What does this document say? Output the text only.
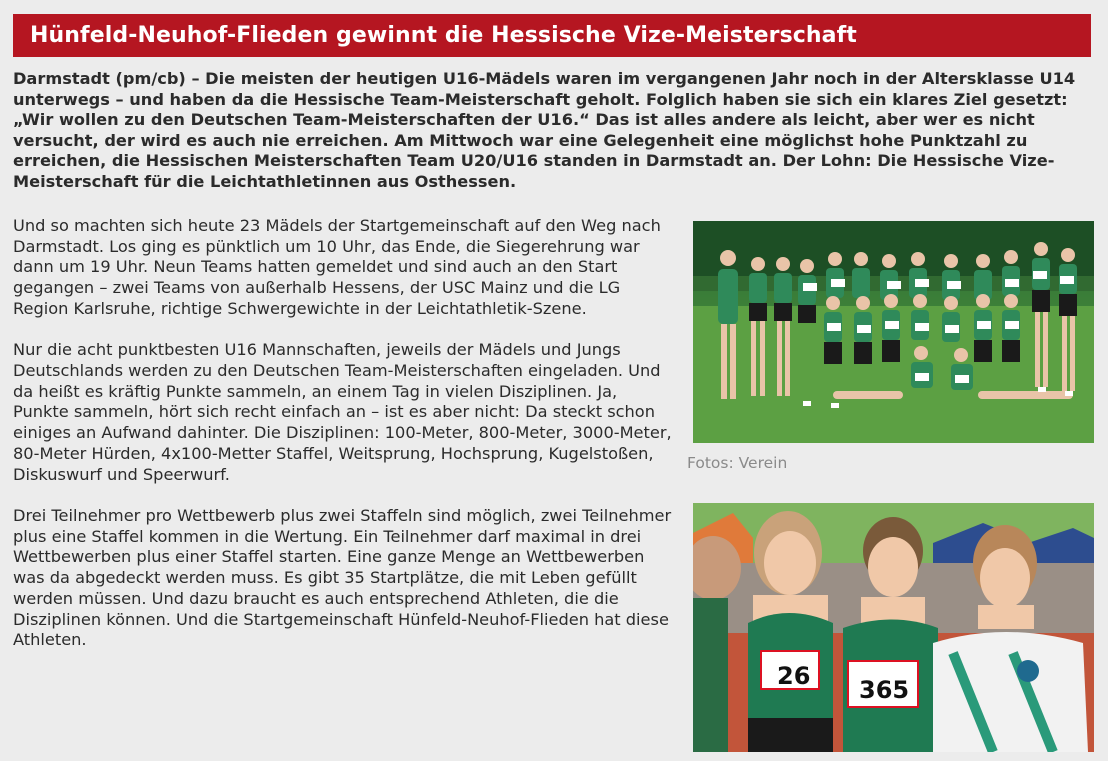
Hünfeld-Neuhof-Flieden gewinnt die Hessische Vize-Meisterschaft

Darmstadt (pm/cb) – Die meisten der heutigen U16-Mädels waren im vergangenen Jahr noch in der Altersklasse U14 unterwegs – und haben da die Hessische Team-Meisterschaft geholt. Folglich haben sie sich ein klares Ziel gesetzt: „Wir wollen zu den Deutschen Team-Meisterschaften der U16.“ Das ist alles andere als leicht, aber wer es nicht versucht, der wird es auch nie erreichen. Am Mittwoch war eine Gelegenheit eine möglichst hohe Punktzahl zu erreichen, die Hessischen Meisterschaften Team U20/U16 standen in Darmstadt an. Der Lohn: Die Hessische Vize-Meisterschaft für die Leichtathletinnen aus Osthessen.

Und so machten sich heute 23 Mädels der Startgemeinschaft auf den Weg nach Darmstadt. Los ging es pünktlich um 10 Uhr, das Ende, die Siegerehrung war dann um 19 Uhr. Neun Teams hatten gemeldet und sind auch an den Start gegangen – zwei Teams von außerhalb Hessens, der USC Mainz und die LG Region Karlsruhe, richtige Schwergewichte in der Leichtathletik-Szene.

Nur die acht punktbesten U16 Mannschaften, jeweils der Mädels und Jungs Deutschlands werden zu den Deutschen Team-Meisterschaften eingeladen. Und da heißt es kräftig Punkte sammeln, an einem Tag in vielen Disziplinen. Ja, Punkte sammeln, hört sich recht einfach an – ist es aber nicht: Da steckt schon einiges an Aufwand dahinter. Die Disziplinen: 100-Meter, 800-Meter, 3000-Meter, 80-Meter Hürden, 4x100-Metter Staffel, Weitsprung, Hochsprung, Kugelstoßen, Diskuswurf und Speerwurf.

Drei Teilnehmer pro Wettbewerb plus zwei Staffeln sind möglich, zwei Teilnehmer plus eine Staffel kommen in die Wertung. Ein Teilnehmer darf maximal in drei Wettbewerben plus einer Staffel starten. Eine ganze Menge an Wettbewerben was da abgedeckt werden muss. Es gibt 35 Startplätze, die mit Leben gefüllt werden müssen. Und dazu braucht es auch entsprechend Athleten, die die Disziplinen können. Und die Startgemeinschaft Hünfeld-Neuhof-Flieden hat diese Athleten.

Fotos: Verein
26 365
